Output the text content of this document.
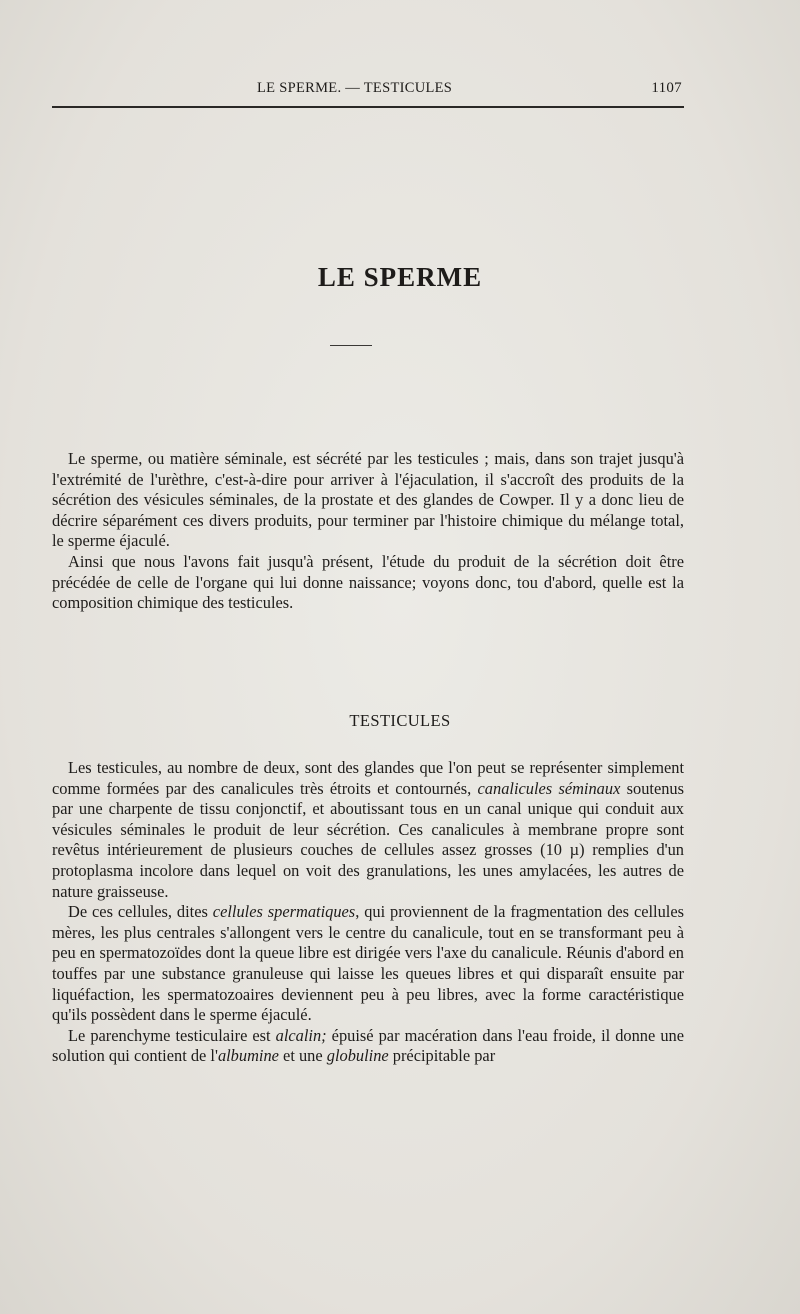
LE SPERME. — TESTICULES	1107
LE SPERME

Le sperme, ou matière séminale, est sécrété par les testicules ; mais, dans son trajet jusqu'à l'extrémité de l'urèthre, c'est-à-dire pour arriver à l'éjaculation, il s'accroît des produits de la sécrétion des vésicules séminales, de la prostate et des glandes de Cowper. Il y a donc lieu de décrire séparément ces divers produits, pour terminer par l'histoire chimique du mélange total, le sperme éjaculé.

Ainsi que nous l'avons fait jusqu'à présent, l'étude du produit de la sécrétion doit être précédée de celle de l'organe qui lui donne naissance; voyons donc, tou d'abord, quelle est la composition chimique des testicules.

TESTICULES

Les testicules, au nombre de deux, sont des glandes que l'on peut se représenter simplement comme formées par des canalicules très étroits et contournés, canalicules séminaux soutenus par une charpente de tissu conjonctif, et aboutissant tous en un canal unique qui conduit aux vésicules séminales le produit de leur sécrétion. Ces canalicules à membrane propre sont revêtus intérieurement de plusieurs couches de cellules assez grosses (10 µ) remplies d'un protoplasma incolore dans lequel on voit des granulations, les unes amylacées, les autres de nature graisseuse.

De ces cellules, dites cellules spermatiques, qui proviennent de la fragmentation des cellules mères, les plus centrales s'allongent vers le centre du canalicule, tout en se transformant peu à peu en spermatozoïdes dont la queue libre est dirigée vers l'axe du canalicule. Réunis d'abord en touffes par une substance granuleuse qui laisse les queues libres et qui disparaît ensuite par liquéfaction, les spermatozoaires deviennent peu à peu libres, avec la forme caractéristique qu'ils possèdent dans le sperme éjaculé.

Le parenchyme testiculaire est alcalin; épuisé par macération dans l'eau froide, il donne une solution qui contient de l'albumine et une globuline précipitable par
